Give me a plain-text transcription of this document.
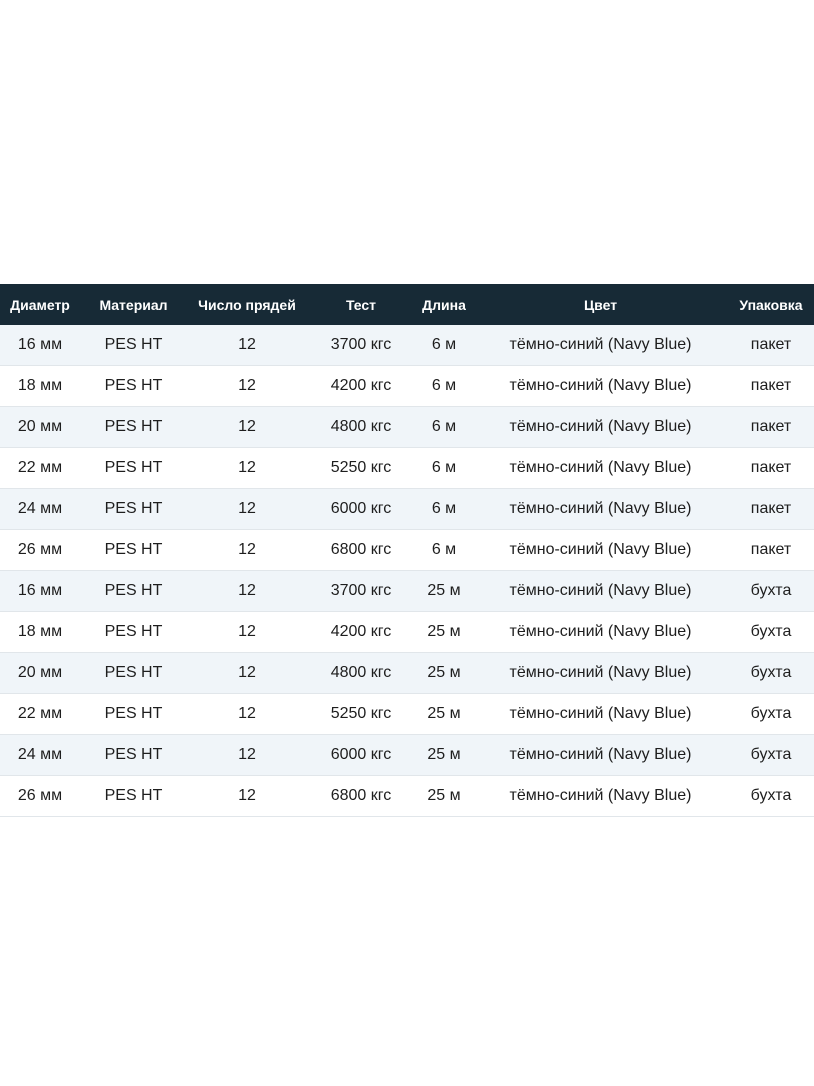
Диаметр	Материал	Число прядей	Тест	Длина	Цвет	Упаковка
16 мм	PES HT	12	3700 кгс	6 м	тёмно-синий (Navy Blue)	пакет
18 мм	PES HT	12	4200 кгс	6 м	тёмно-синий (Navy Blue)	пакет
20 мм	PES HT	12	4800 кгс	6 м	тёмно-синий (Navy Blue)	пакет
22 мм	PES HT	12	5250 кгс	6 м	тёмно-синий (Navy Blue)	пакет
24 мм	PES HT	12	6000 кгс	6 м	тёмно-синий (Navy Blue)	пакет
26 мм	PES HT	12	6800 кгс	6 м	тёмно-синий (Navy Blue)	пакет
16 мм	PES HT	12	3700 кгс	25 м	тёмно-синий (Navy Blue)	бухта
18 мм	PES HT	12	4200 кгс	25 м	тёмно-синий (Navy Blue)	бухта
20 мм	PES HT	12	4800 кгс	25 м	тёмно-синий (Navy Blue)	бухта
22 мм	PES HT	12	5250 кгс	25 м	тёмно-синий (Navy Blue)	бухта
24 мм	PES HT	12	6000 кгс	25 м	тёмно-синий (Navy Blue)	бухта
26 мм	PES HT	12	6800 кгс	25 м	тёмно-синий (Navy Blue)	бухта
